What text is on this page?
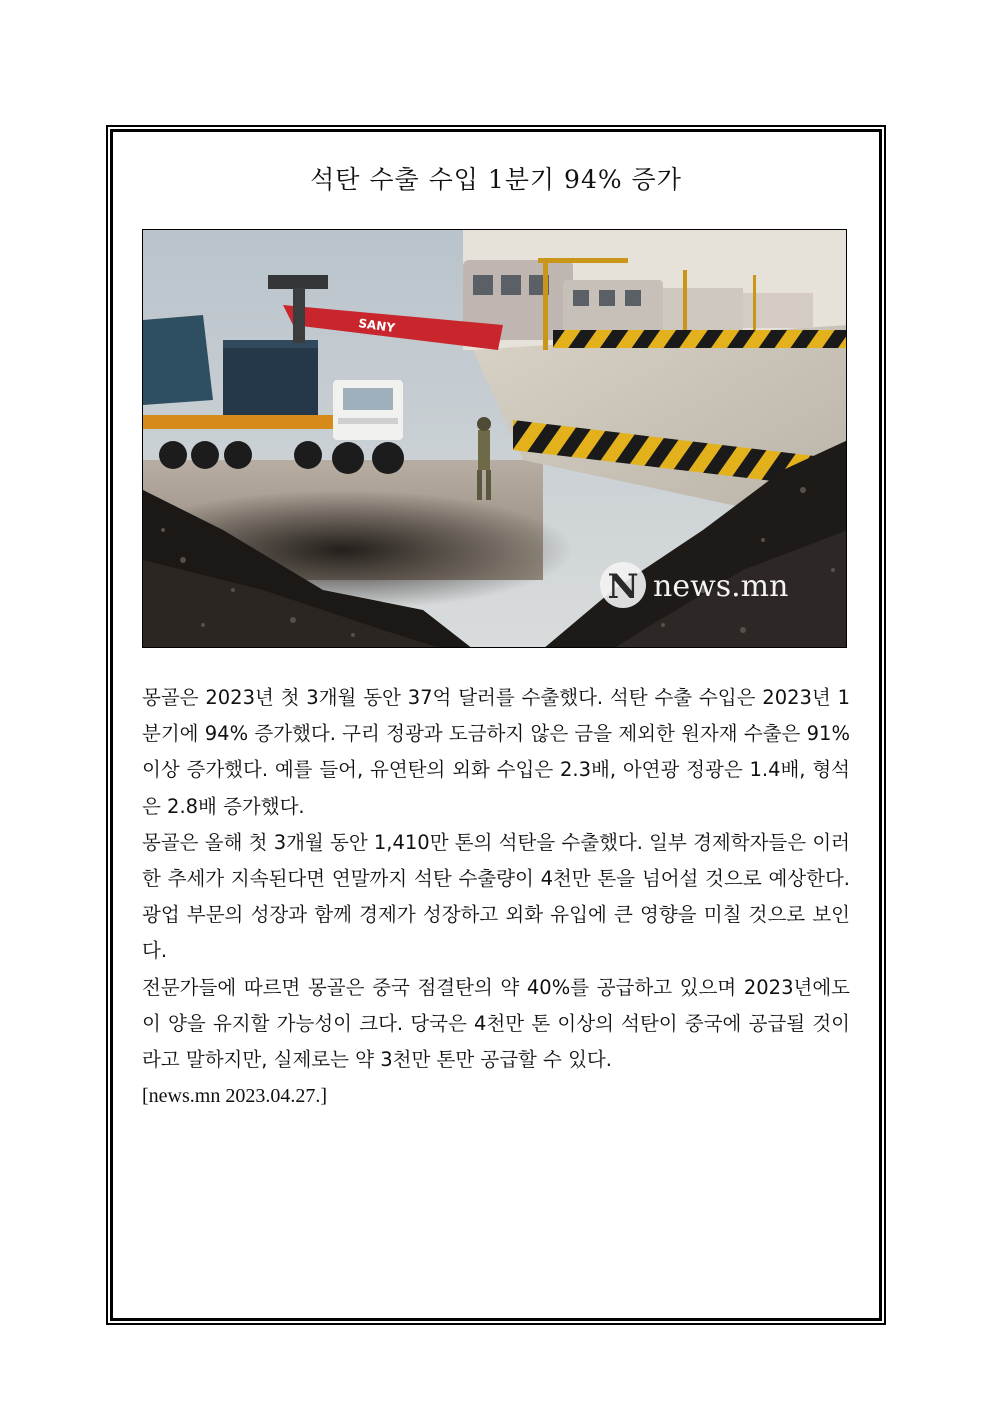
석탄 수출 수입 1분기 94% 증가
SANY
N news.mn

몽골은 2023년 첫 3개월 동안 37억 달러를 수출했다. 석탄 수출 수입은 2023년 1분기에 94% 증가했다. 구리 정광과 도금하지 않은 금을 제외한 원자재 수출은 91% 이상 증가했다. 예를 들어, 유연탄의 외화 수입은 2.3배, 아연광 정광은 1.4배, 형석은 2.8배 증가했다.

몽골은 올해 첫 3개월 동안 1,410만 톤의 석탄을 수출했다. 일부 경제학자들은 이러한 추세가 지속된다면 연말까지 석탄 수출량이 4천만 톤을 넘어설 것으로 예상한다. 광업 부문의 성장과 함께 경제가 성장하고 외화 유입에 큰 영향을 미칠 것으로 보인다.

전문가들에 따르면 몽골은 중국 점결탄의 약 40%를 공급하고 있으며 2023년에도 이 양을 유지할 가능성이 크다. 당국은 4천만 톤 이상의 석탄이 중국에 공급될 것이라고 말하지만, 실제로는 약 3천만 톤만 공급할 수 있다.

[news.mn 2023.04.27.]
